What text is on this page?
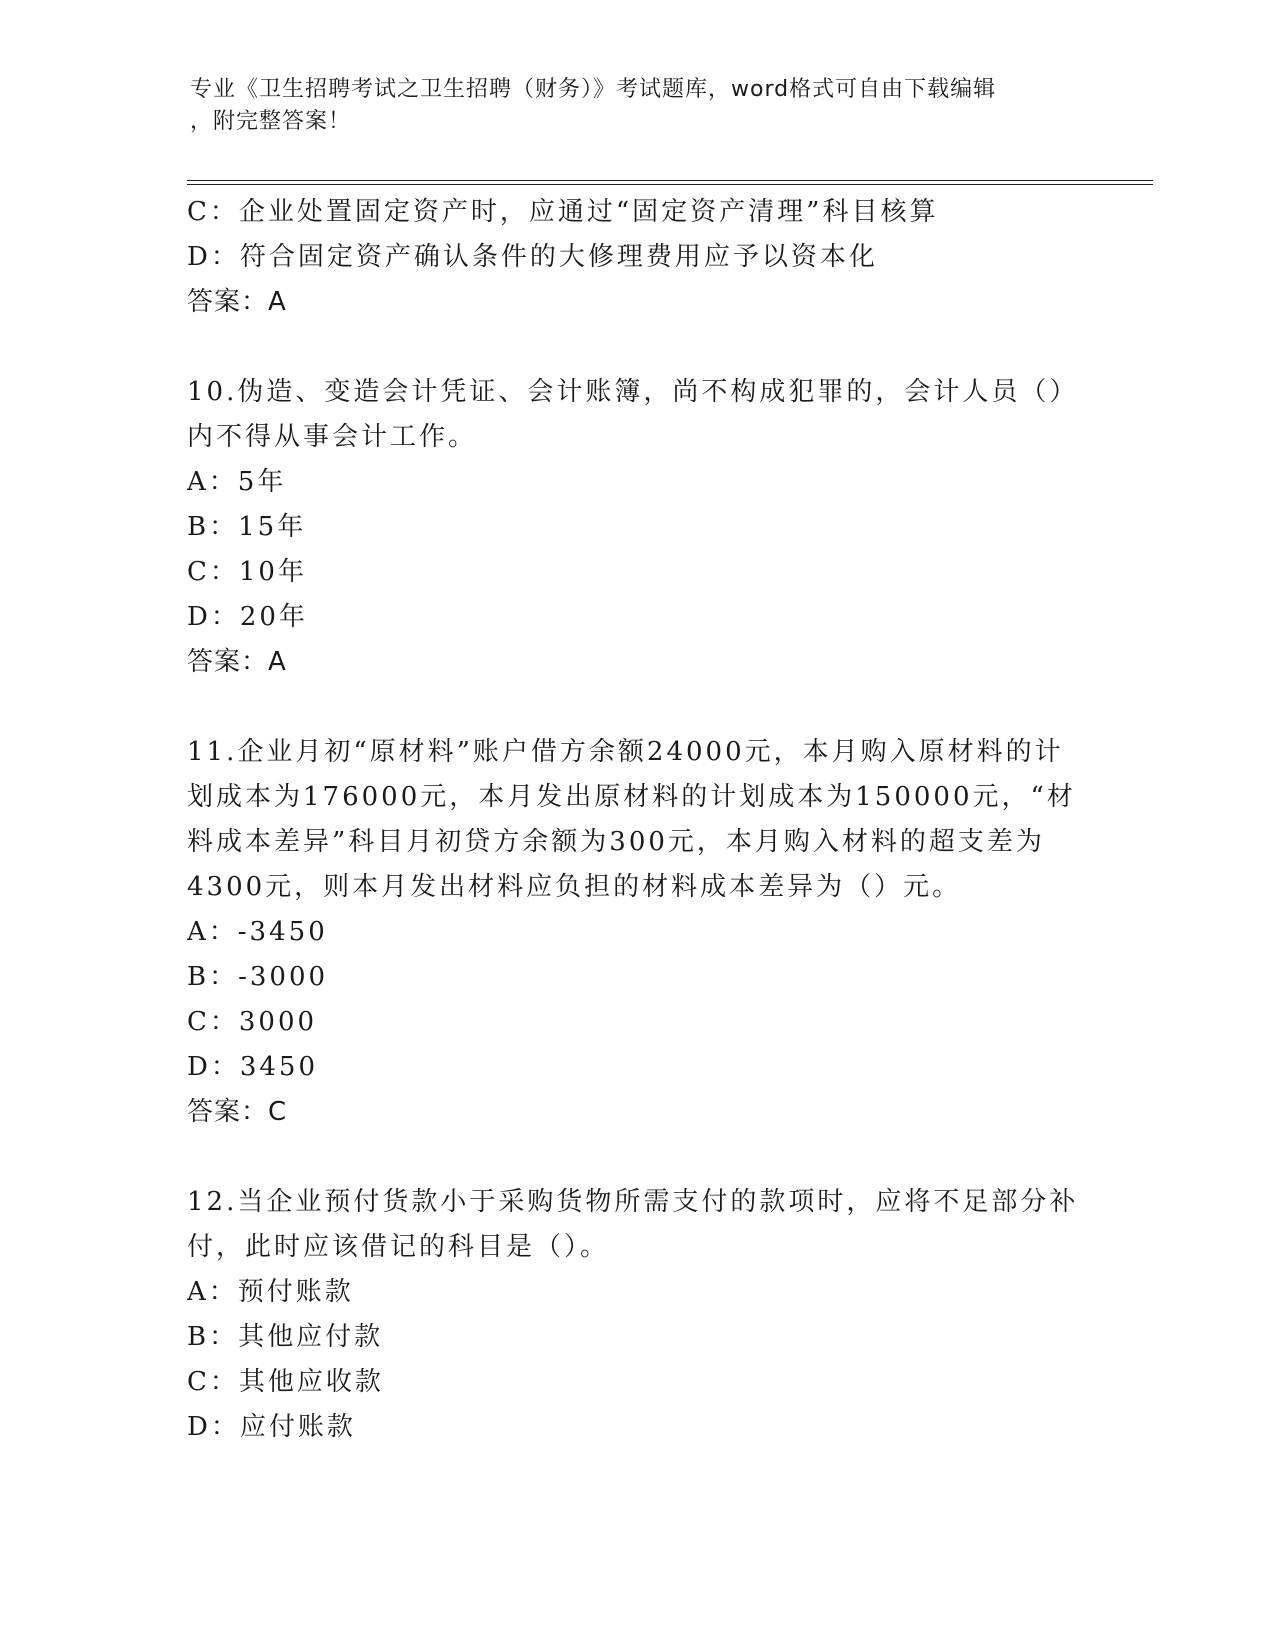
专业《卫生招聘考试之卫生招聘（财务）》考试题库，word格式可自由下载编辑
，附完整答案！
C：企业处置固定资产时，应通过“固定资产清理”科目核算
D：符合固定资产确认条件的大修理费用应予以资本化
答案：A
10.伪造、变造会计凭证、会计账簿，尚不构成犯罪的，会计人员（）
内不得从事会计工作。
A：5年
B：15年
C：10年
D：20年
答案：A
11.企业月初“原材料”账户借方余额24000元，本月购入原材料的计
划成本为176000元，本月发出原材料的计划成本为150000元，“材
料成本差异”科目月初贷方余额为300元，本月购入材料的超支差为
4300元，则本月发出材料应负担的材料成本差异为（）元。
A：-3450
B：-3000
C：3000
D：3450
答案：C
12.当企业预付货款小于采购货物所需支付的款项时，应将不足部分补
付，此时应该借记的科目是（）。
A：预付账款
B：其他应付款
C：其他应收款
D：应付账款
